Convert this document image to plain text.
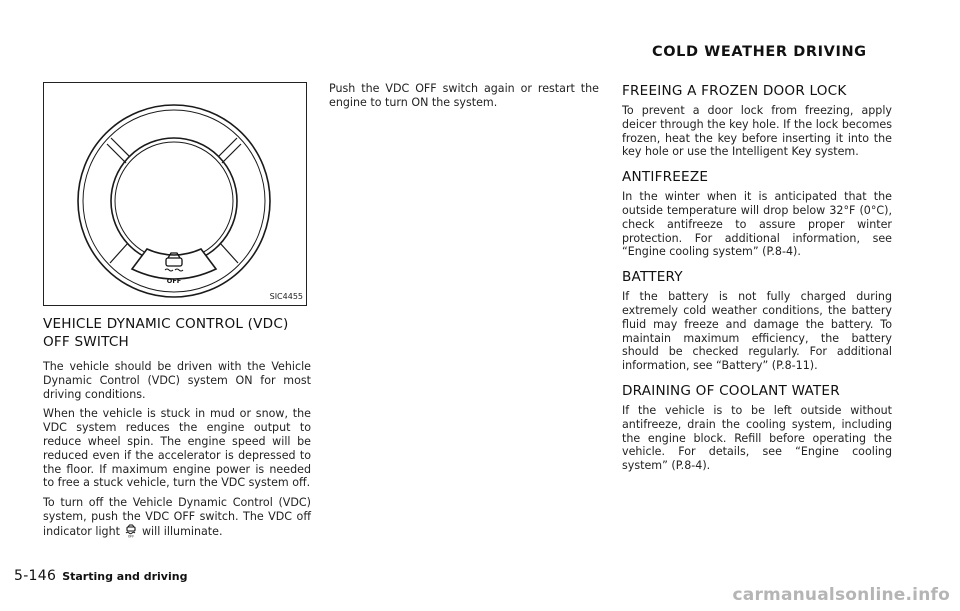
COLD WEATHER DRIVING
OFF
SIC4455
VEHICLE DYNAMIC CONTROL (VDC) OFF SWITCH

The vehicle should be driven with the Vehicle Dynamic Control (VDC) system ON for most driving conditions.

When the vehicle is stuck in mud or snow, the VDC system reduces the engine output to reduce wheel spin. The engine speed will be reduced even if the accelerator is depressed to the floor. If maximum engine power is needed to free a stuck vehicle, turn the VDC system off.

To turn off the Vehicle Dynamic Control (VDC) system, push the VDC OFF switch. The VDC off indicator light OFF will illuminate.

Push the VDC OFF switch again or restart the engine to turn ON the system.

FREEING A FROZEN DOOR LOCK

To prevent a door lock from freezing, apply deicer through the key hole. If the lock becomes frozen, heat the key before inserting it into the key hole or use the Intelligent Key system.

ANTIFREEZE

In the winter when it is anticipated that the outside temperature will drop below 32°F (0°C), check antifreeze to assure proper winter protection. For additional information, see “Engine cooling system” (P.8-4).

BATTERY

If the battery is not fully charged during extremely cold weather conditions, the battery fluid may freeze and damage the battery. To maintain maximum efficiency, the battery should be checked regularly. For additional information, see “Battery” (P.8-11).

DRAINING OF COOLANT WATER

If the vehicle is to be left outside without antifreeze, drain the cooling system, including the engine block. Refill before operating the vehicle. For details, see “Engine cooling system” (P.8-4).

5-146 Starting and driving
carmanualsonline.info
